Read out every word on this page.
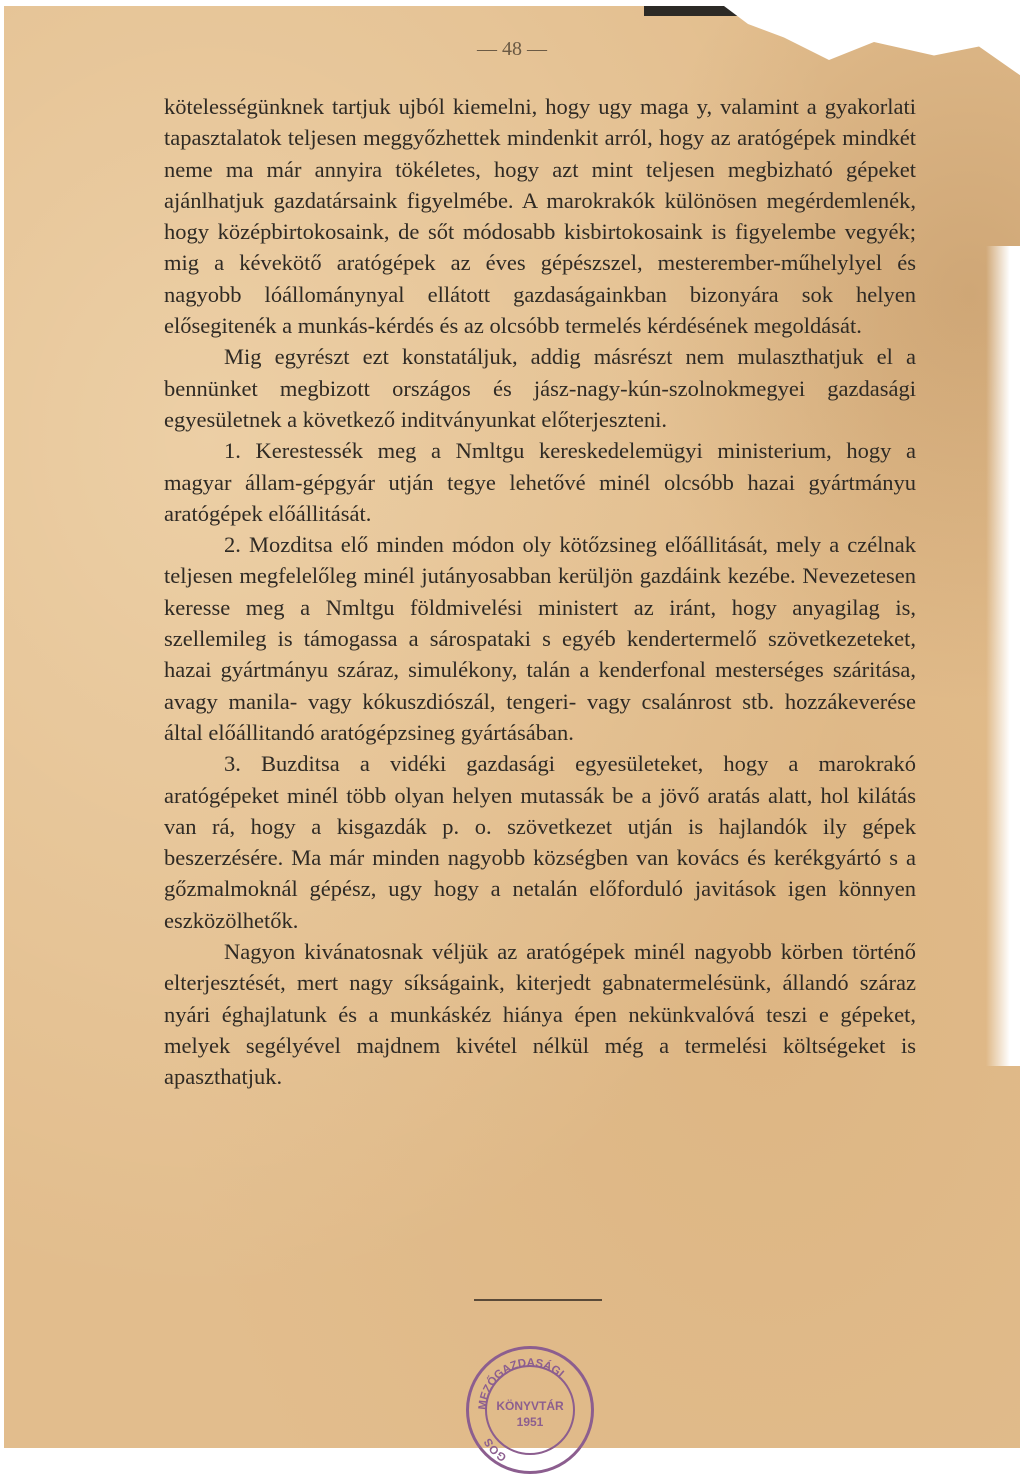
— 48 —

kötelességünknek tartjuk ujból kiemelni, hogy ugy maga y, valamint a gyakorlati tapasztalatok teljesen meggyőzhettek mindenkit arról, hogy az aratógépek mindkét neme ma már annyira tökéletes, hogy azt mint teljesen megbizható gépeket ajánlhatjuk gazdatársaink figyelmébe. A marokrakók különösen megérdemlenék, hogy középbirtokosaink, de sőt módosabb kisbirtokosaink is figyelembe vegyék; mig a kévekötő aratógépek az éves gépészszel, mesterember-műhelylyel és nagyobb lóállománynyal ellátott gazdaságainkban bizonyára sok helyen elősegitenék a munkás-kérdés és az olcsóbb termelés kérdésének megoldását.

Mig egyrészt ezt konstatáljuk, addig másrészt nem mulaszthatjuk el a bennünket megbizott országos és jász-nagy-kún-szolnokmegyei gazdasági egyesületnek a következő inditványunkat előterjeszteni.

1. Kerestessék meg a Nmltgu kereskedelemügyi ministerium, hogy a magyar állam-gépgyár utján tegye lehetővé minél olcsóbb hazai gyártmányu aratógépek előállitását.

2. Mozditsa elő minden módon oly kötőzsineg előállitását, mely a czélnak teljesen megfelelőleg minél jutányosabban kerüljön gazdáink kezébe. Nevezetesen keresse meg a Nmltgu földmivelési ministert az iránt, hogy anyagilag is, szellemileg is támogassa a sárospataki s egyéb kendertermelő szövetkezeteket, hazai gyártmányu száraz, simulékony, talán a kenderfonal mesterséges száritása, avagy manila- vagy kókuszdiószál, tengeri- vagy csalánrost stb. hozzákeverése által előállitandó aratógépzsineg gyártásában.

3. Buzditsa a vidéki gazdasági egyesületeket, hogy a marokrakó aratógépeket minél több olyan helyen mutassák be a jövő aratás alatt, hol kilátás van rá, hogy a kisgazdák p. o. szövetkezet utján is hajlandók ily gépek beszerzésére. Ma már minden nagyobb községben van kovács és kerékgyártó s a gőzmalmoknál gépész, ugy hogy a netalán előforduló javitások igen könnyen eszközölhetők.

Nagyon kivánatosnak véljük az aratógépek minél nagyobb körben történő elterjesztését, mert nagy síkságaink, kiterjedt gabnatermelésünk, állandó száraz nyári éghajlatunk és a munkáskéz hiánya épen nekünkvalóvá teszi e gépeket, melyek segélyével majdnem kivétel nélkül még a termelési költségeket is apaszthatjuk.

MEZŐGAZDASÁGI
GOS
KÖNYVTÁR
1951
